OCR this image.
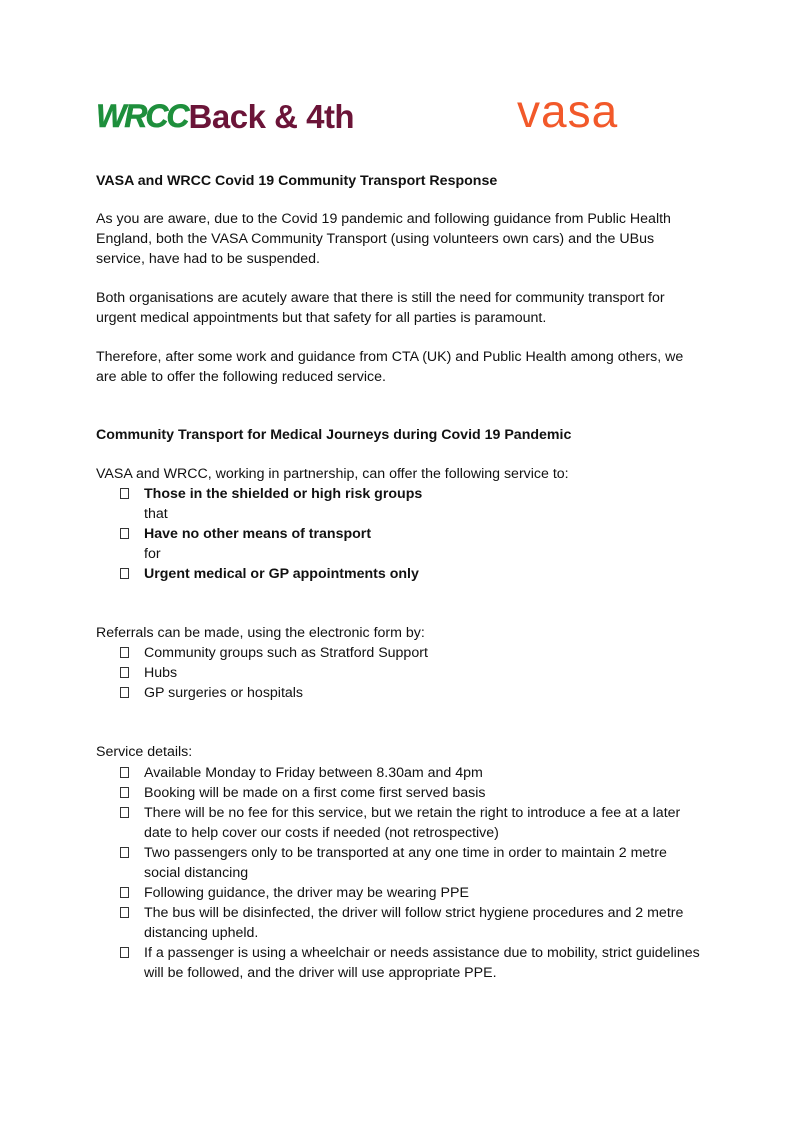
WRCC Back & 4th	vasa
VASA and WRCC Covid 19 Community Transport Response

As you are aware, due to the Covid 19 pandemic and following guidance from Public Health England, both the VASA Community Transport (using volunteers own cars) and the UBus service, have had to be suspended.

Both organisations are acutely aware that there is still the need for community transport for urgent medical appointments but that safety for all parties is paramount.

Therefore, after some work and guidance from CTA (UK) and Public Health among others, we are able to offer the following reduced service.

Community Transport for Medical Journeys during Covid 19 Pandemic
VASA and WRCC, working in partnership, can offer the following service to:
Those in the shielded or high risk groups
that
Have no other means of transport
for
Urgent medical or GP appointments only
Referrals can be made, using the electronic form by:
Community groups such as Stratford Support
Hubs
GP surgeries or hospitals
Service details:
Available Monday to Friday between 8.30am and 4pm
Booking will be made on a first come first served basis
There will be no fee for this service, but we retain the right to introduce a fee at a later date to help cover our costs if needed (not retrospective)
Two passengers only to be transported at any one time in order to maintain 2 metre social distancing
Following guidance, the driver may be wearing PPE
The bus will be disinfected, the driver will follow strict hygiene procedures and 2 metre distancing upheld.
If a passenger is using a wheelchair or needs assistance due to mobility, strict guidelines will be followed, and the driver will use appropriate PPE.
